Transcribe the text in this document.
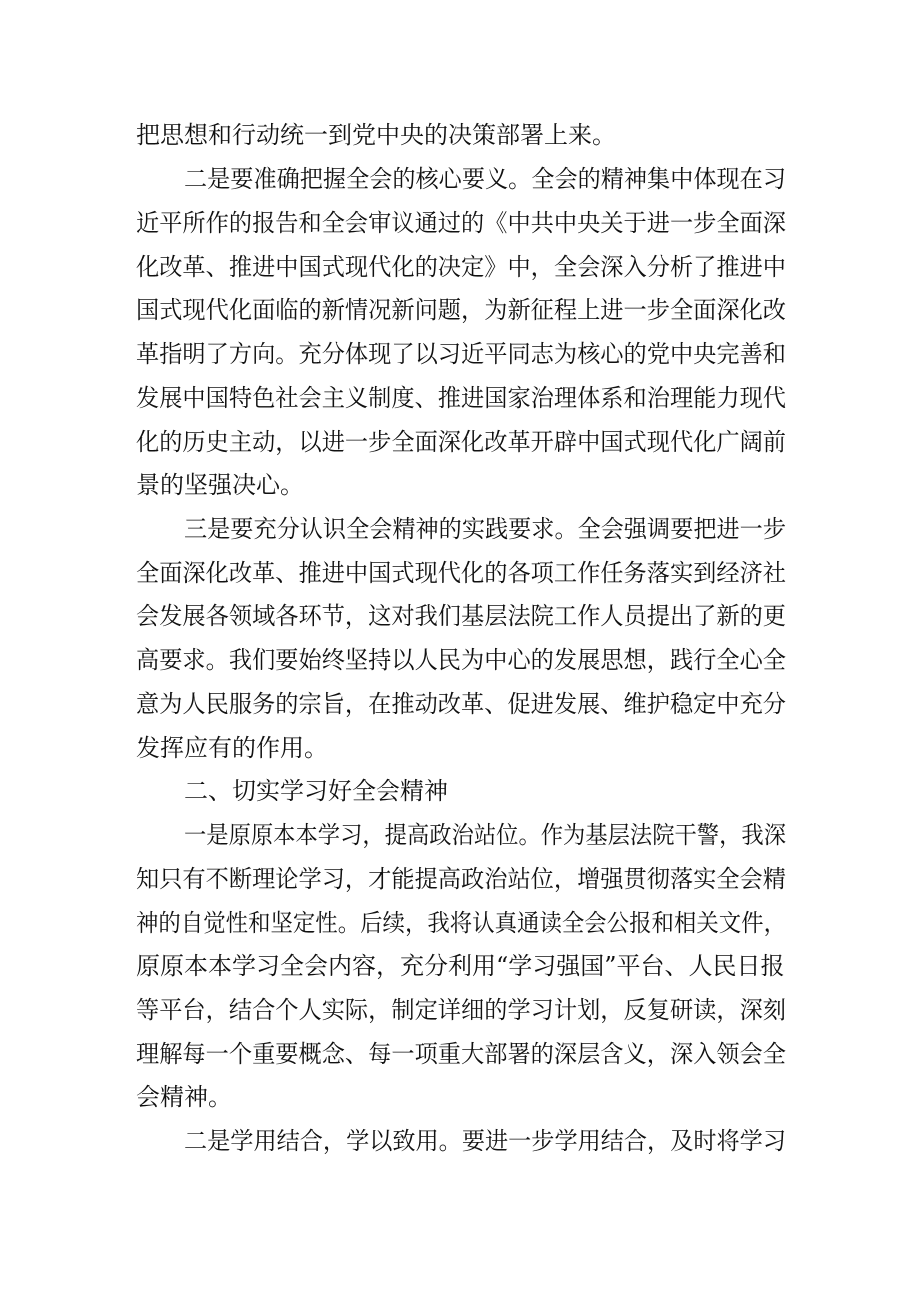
把思想和行动统一到党中央的决策部署上来。
二是要准确把握全会的核心要义。全会的精神集中体现在习
近平所作的报告和全会审议通过的《中共中央关于进一步全面深
化改革、推进中国式现代化的决定》中，全会深入分析了推进中
国式现代化面临的新情况新问题，为新征程上进一步全面深化改
革指明了方向。充分体现了以习近平同志为核心的党中央完善和
发展中国特色社会主义制度、推进国家治理体系和治理能力现代
化的历史主动，以进一步全面深化改革开辟中国式现代化广阔前
景的坚强决心。
三是要充分认识全会精神的实践要求。全会强调要把进一步
全面深化改革、推进中国式现代化的各项工作任务落实到经济社
会发展各领域各环节，这对我们基层法院工作人员提出了新的更
高要求。我们要始终坚持以人民为中心的发展思想，践行全心全
意为人民服务的宗旨，在推动改革、促进发展、维护稳定中充分
发挥应有的作用。
二、切实学习好全会精神
一是原原本本学习，提高政治站位。作为基层法院干警，我深
知只有不断理论学习，才能提高政治站位，增强贯彻落实全会精
神的自觉性和坚定性。后续，我将认真通读全会公报和相关文件，
原原本本学习全会内容，充分利用“学习强国”平台、人民日报
等平台，结合个人实际，制定详细的学习计划，反复研读，深刻
理解每一个重要概念、每一项重大部署的深层含义，深入领会全
会精神。
二是学用结合，学以致用。要进一步学用结合，及时将学习
